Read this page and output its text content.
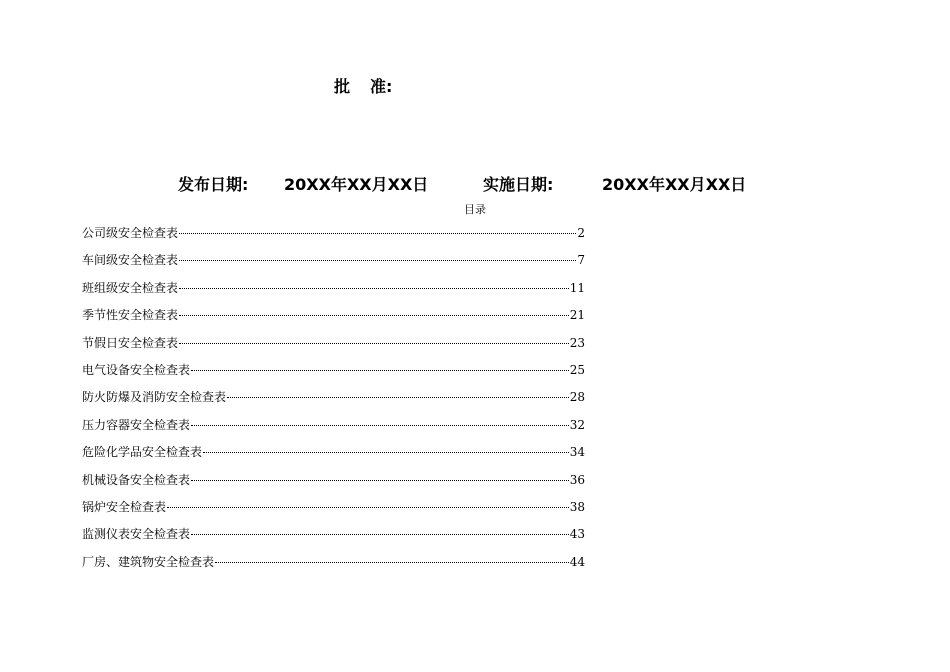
批 准:

发布日期: 20XX年XX月XX日	实施日期:	20XX年XX月XX日
目录
公司级安全检查表	2
车间级安全检查表	7
班组级安全检查表	11
季节性安全检查表	21
节假日安全检查表	23
电气设备安全检查表	25
防火防爆及消防安全检查表	28
压力容器安全检查表	32
危险化学品安全检查表	34
机械设备安全检查表	36
锅炉安全检查表	38
监测仪表安全检查表	43
厂房、建筑物安全检查表	44
